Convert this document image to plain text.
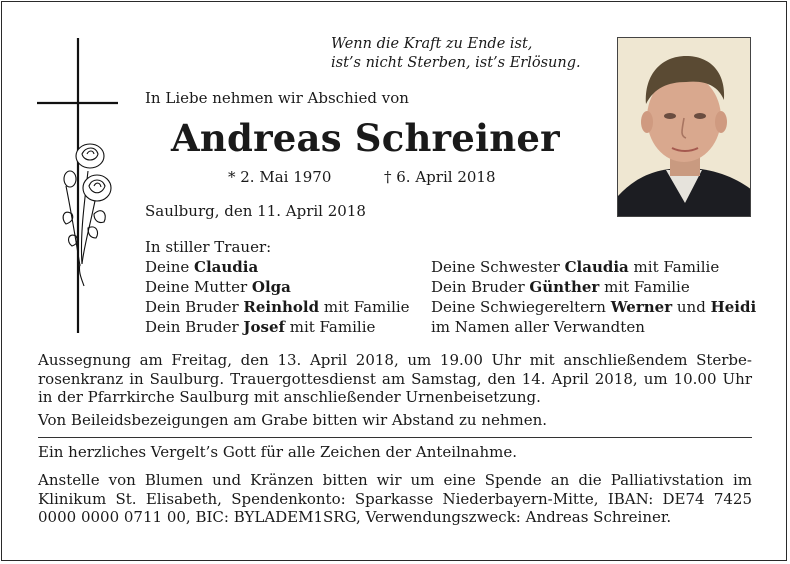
Wenn die Kraft zu Ende ist,
ist’s nicht Sterben, ist’s Erlösung.
In Liebe nehmen wir Abschied von
Andreas Schreiner
* 2. Mai 1970	† 6. April 2018
Saulburg, den 11. April 2018
In stiller Trauer:
Deine Claudia
Deine Mutter Olga
Dein Bruder Reinhold mit Familie
Dein Bruder Josef mit Familie
Deine Schwester Claudia mit Familie
Dein Bruder Günther mit Familie
Deine Schwiegereltern Werner und Heidi
im Namen aller Verwandten
Aussegnung am Freitag, den 13. April 2018, um 19.00 Uhr mit anschließendem Sterberosenkranz in Saulburg. Trauergottesdienst am Samstag, den 14. April 2018, um 10.00 Uhr in der Pfarrkirche Saulburg mit anschließender Urnenbeisetzung.
Von Beileidsbezeigungen am Grabe bitten wir Abstand zu nehmen.
Ein herzliches Vergelt’s Gott für alle Zeichen der Anteilnahme.
Anstelle von Blumen und Kränzen bitten wir um eine Spende an die Palliativstation im Klinikum St. Elisabeth, Spendenkonto: Sparkasse Niederbayern-Mitte, IBAN: DE74 7425 0000 0000 0711 00, BIC: BYLADEM1SRG, Verwendungszweck: Andreas Schreiner.
